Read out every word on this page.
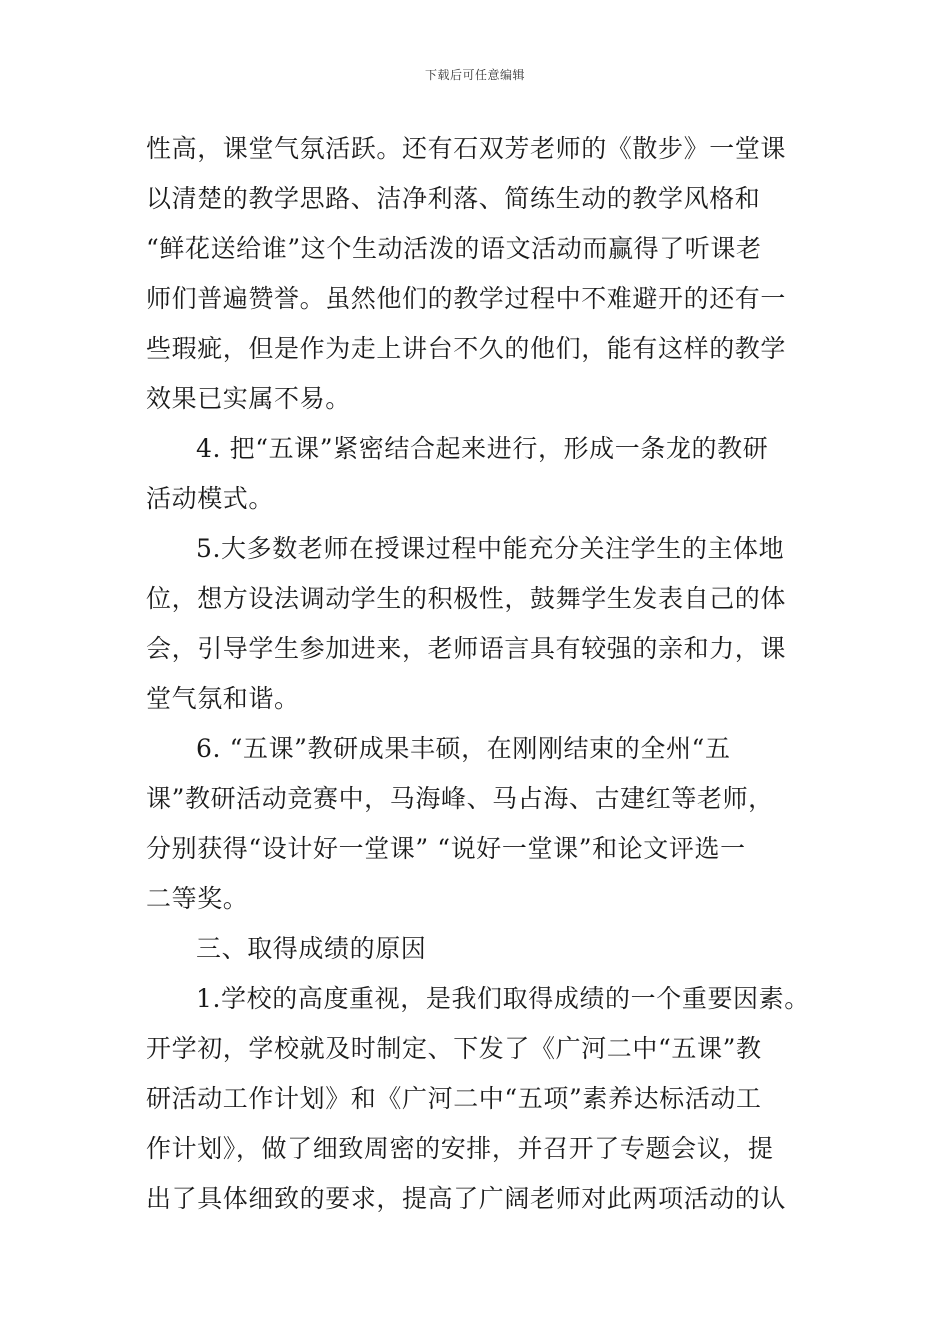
下载后可任意编辑
性高，课堂气氛活跃。还有石双芳老师的《散步》一堂课
以清楚的教学思路、洁净利落、简练生动的教学风格和
“鲜花送给谁”这个生动活泼的语文活动而赢得了听课老
师们普遍赞誉。虽然他们的教学过程中不难避开的还有一
些瑕疵，但是作为走上讲台不久的他们，能有这样的教学
效果已实属不易。
4. 把“五课”紧密结合起来进行，形成一条龙的教研
活动模式。
5.大多数老师在授课过程中能充分关注学生的主体地
位，想方设法调动学生的积极性，鼓舞学生发表自己的体
会，引导学生参加进来，老师语言具有较强的亲和力，课
堂气氛和谐。
6. “五课”教研成果丰硕，在刚刚结束的全州“五
课”教研活动竞赛中，马海峰、马占海、古建红等老师，
分别获得“设计好一堂课” “说好一堂课”和论文评选一
二等奖。
三、取得成绩的原因
1.学校的高度重视，是我们取得成绩的一个重要因素。
开学初，学校就及时制定、下发了《广河二中“五课”教
研活动工作计划》和《广河二中“五项”素养达标活动工
作计划》，做了细致周密的安排，并召开了专题会议，提
出了具体细致的要求，提高了广阔老师对此两项活动的认
